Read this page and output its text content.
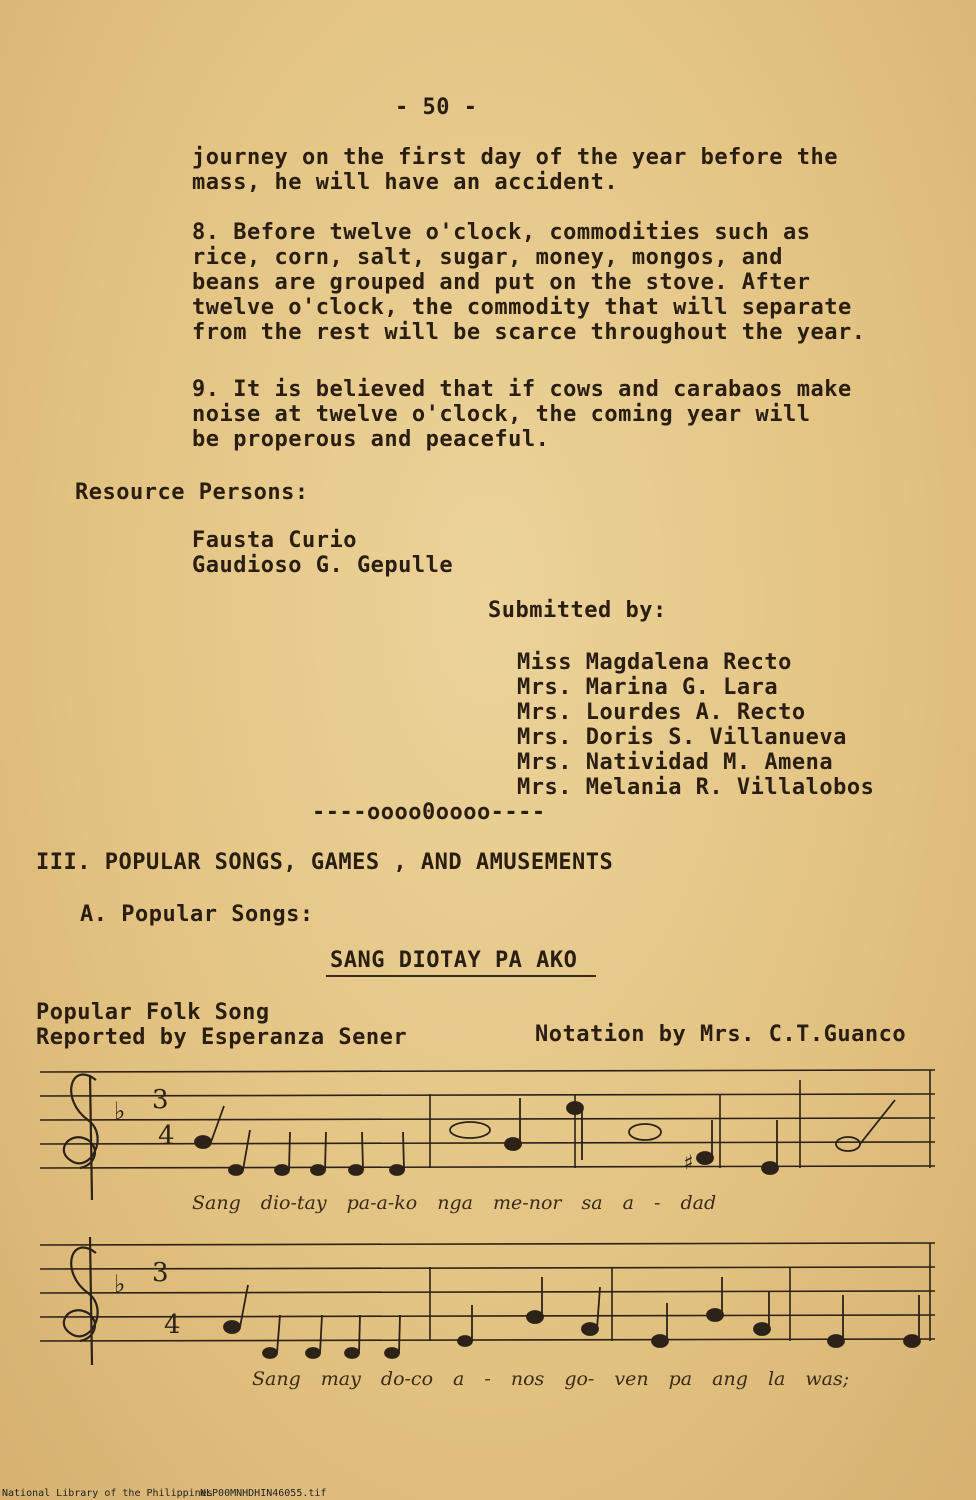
- 50 -
journey on the first day of the year before the
mass, he will have an accident.
8. Before twelve o'clock, commodities such as
rice, corn, salt, sugar, money, mongos, and
beans are grouped and put on the stove. After
twelve o'clock, the commodity that will separate
from the rest will be scarce throughout the year.
9. It is believed that if cows and carabaos make
noise at twelve o'clock, the coming year will
be properous and peaceful.
Resource Persons:
Fausta Curio
Gaudioso G. Gepulle
Submitted by:
Miss Magdalena Recto
Mrs. Marina G. Lara
Mrs. Lourdes A. Recto
Mrs. Doris S. Villanueva
Mrs. Natividad M. Amena
Mrs. Melania R. Villalobos
----oooo0oooo----
III. POPULAR SONGS, GAMES , AND AMUSEMENTS
A. Popular Songs:
SANG DIOTAY PA AKO
Popular Folk Song
Reported by Esperanza Sener	Notation by Mrs. C.T.Guanco
♭ 3
4
♯
Sang dio-tay pa-a-ko nga me-nor sa a - dad
♭ 3
4
Sang may do-co a - nos go- ven pa ang la was;
National Library of the Philippines
NLP00MNHDHIN46055.tif
